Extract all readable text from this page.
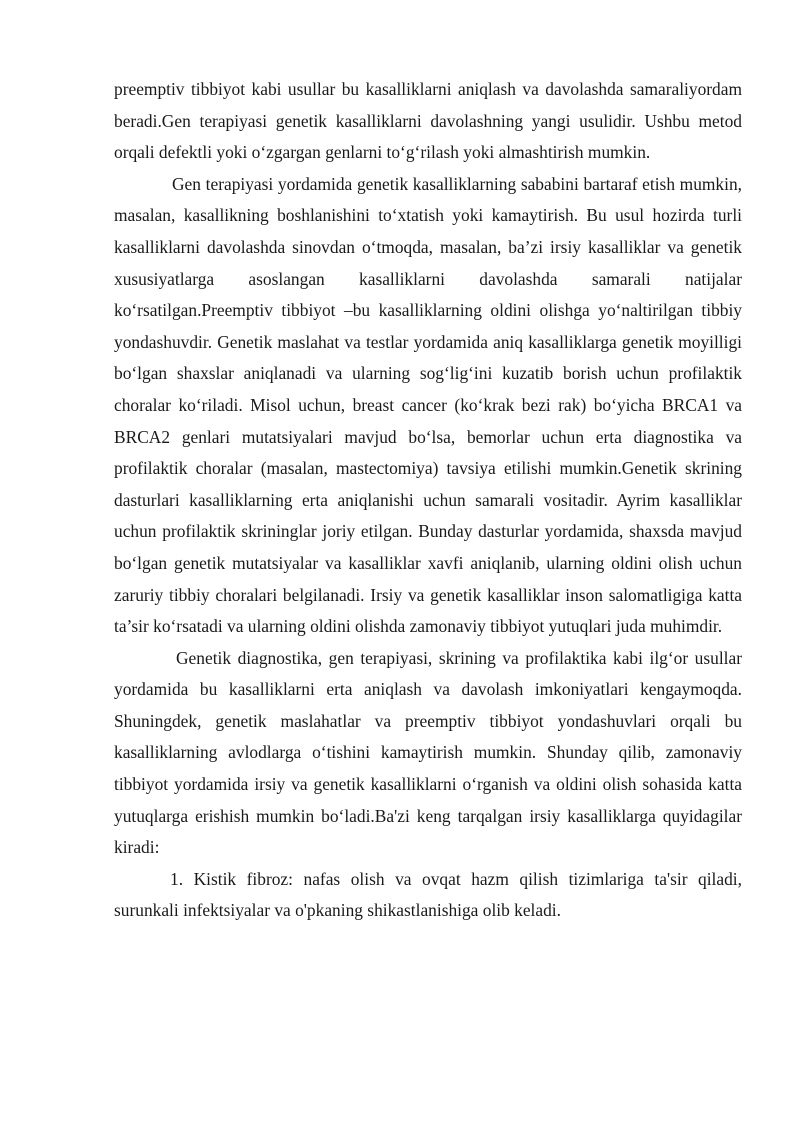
preemptiv tibbiyot kabi usullar bu kasalliklarni aniqlash va davolashda samaraliyordam beradi.Gen terapiyasi genetik kasalliklarni davolashning yangi usulidir. Ushbu metod orqali defektli yoki o‘zgargan genlarni to‘g‘rilash yoki almashtirish mumkin.

Gen terapiyasi yordamida genetik kasalliklarning sababini bartaraf etish mumkin, masalan, kasallikning boshlanishini to‘xtatish yoki kamaytirish. Bu usul hozirda turli kasalliklarni davolashda sinovdan o‘tmoqda, masalan, ba’zi irsiy kasalliklar va genetik xususiyatlarga asoslangan kasalliklarni davolashda samarali natijalar ko‘rsatilgan.Preemptiv tibbiyot –bu kasalliklarning oldini olishga yo‘naltirilgan tibbiy yondashuvdir. Genetik maslahat va testlar yordamida aniq kasalliklarga genetik moyilligi bo‘lgan shaxslar aniqlanadi va ularning sog‘lig‘ini kuzatib borish uchun profilaktik choralar ko‘riladi. Misol uchun, breast cancer (ko‘krak bezi rak) bo‘yicha BRCA1 va BRCA2 genlari mutatsiyalari mavjud bo‘lsa, bemorlar uchun erta diagnostika va profilaktik choralar (masalan, mastectomiya) tavsiya etilishi mumkin.Genetik skrining dasturlari kasalliklarning erta aniqlanishi uchun samarali vositadir. Ayrim kasalliklar uchun profilaktik skrininglar joriy etilgan. Bunday dasturlar yordamida, shaxsda mavjud bo‘lgan genetik mutatsiyalar va kasalliklar xavfi aniqlanib, ularning oldini olish uchun zaruriy tibbiy choralari belgilanadi. Irsiy va genetik kasalliklar inson salomatligiga katta ta’sir ko‘rsatadi va ularning oldini olishda zamonaviy tibbiyot yutuqlari juda muhimdir.

Genetik diagnostika, gen terapiyasi, skrining va profilaktika kabi ilg‘or usullar yordamida bu kasalliklarni erta aniqlash va davolash imkoniyatlari kengaymoqda. Shuningdek, genetik maslahatlar va preemptiv tibbiyot yondashuvlari orqali bu kasalliklarning avlodlarga o‘tishini kamaytirish mumkin. Shunday qilib, zamonaviy tibbiyot yordamida irsiy va genetik kasalliklarni o‘rganish va oldini olish sohasida katta yutuqlarga erishish mumkin bo‘ladi.Ba'zi keng tarqalgan irsiy kasalliklarga quyidagilar kiradi:

1. Kistik fibroz: nafas olish va ovqat hazm qilish tizimlariga ta'sir qiladi, surunkali infektsiyalar va o'pkaning shikastlanishiga olib keladi.
